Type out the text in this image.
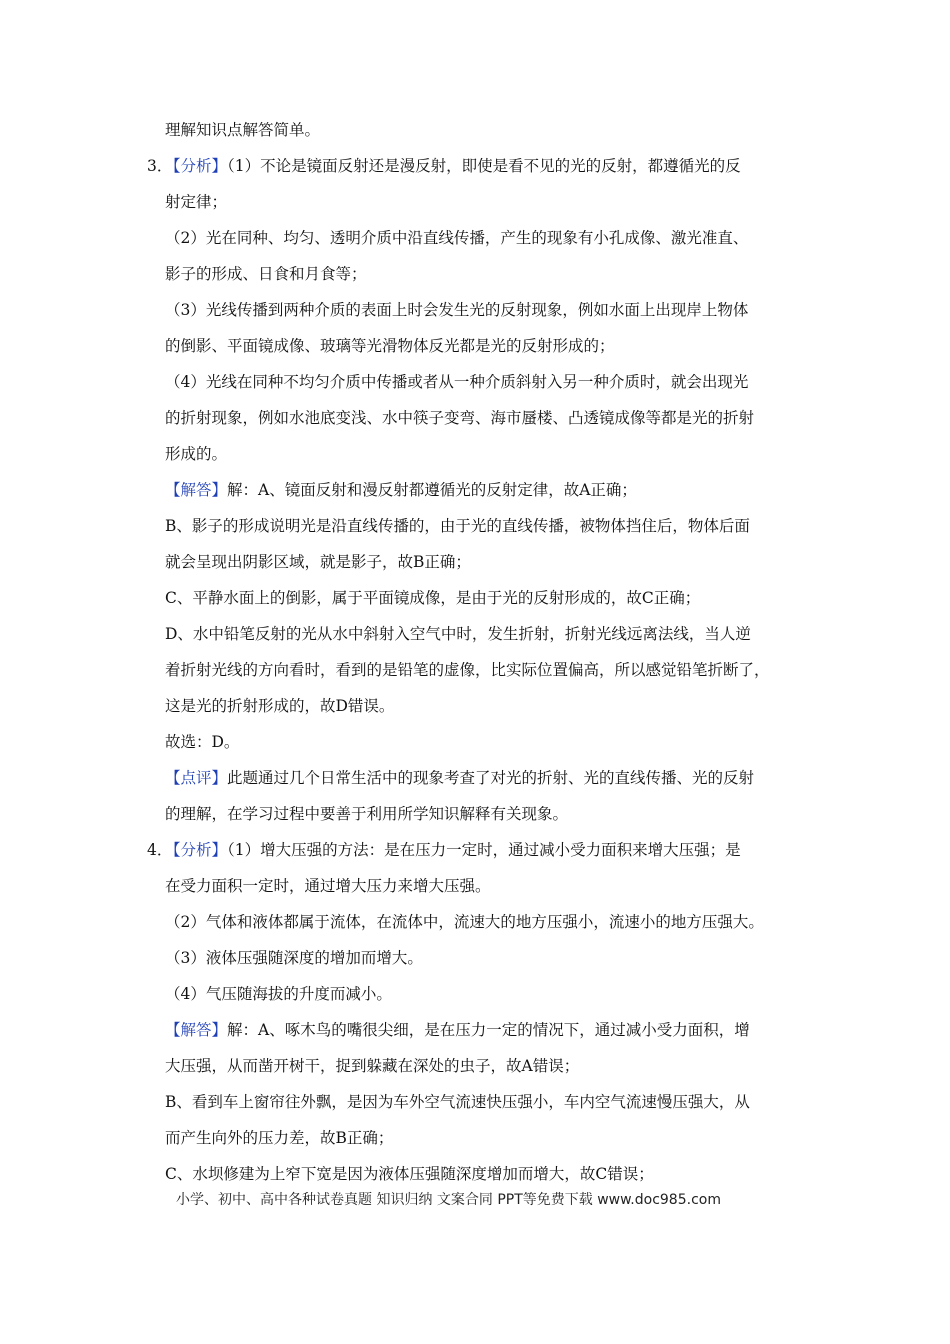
理解知识点解答简单。
3．
【分析】（1）不论是镜面反射还是漫反射，即使是看不见的光的反射，都遵循光的反
射定律；
（2）光在同种、均匀、透明介质中沿直线传播，产生的现象有小孔成像、激光准直、
影子的形成、日食和月食等；
（3）光线传播到两种介质的表面上时会发生光的反射现象，例如水面上出现岸上物体
的倒影、平面镜成像、玻璃等光滑物体反光都是光的反射形成的；
（4）光线在同种不均匀介质中传播或者从一种介质斜射入另一种介质时，就会出现光
的折射现象，例如水池底变浅、水中筷子变弯、海市蜃楼、凸透镜成像等都是光的折射
形成的。
【解答】解：A、镜面反射和漫反射都遵循光的反射定律，故A正确；
B、影子的形成说明光是沿直线传播的，由于光的直线传播，被物体挡住后，物体后面
就会呈现出阴影区域，就是影子，故B正确；
C、平静水面上的倒影，属于平面镜成像，是由于光的反射形成的，故C正确；
D、水中铅笔反射的光从水中斜射入空气中时，发生折射，折射光线远离法线，当人逆
着折射光线的方向看时，看到的是铅笔的虚像，比实际位置偏高，所以感觉铅笔折断了，
这是光的折射形成的，故D错误。
故选：D。
【点评】此题通过几个日常生活中的现象考查了对光的折射、光的直线传播、光的反射
的理解，在学习过程中要善于利用所学知识解释有关现象。
4．
【分析】（1）增大压强的方法：是在压力一定时，通过减小受力面积来增大压强；是
在受力面积一定时，通过增大压力来增大压强。
（2）气体和液体都属于流体，在流体中，流速大的地方压强小，流速小的地方压强大。
（3）液体压强随深度的增加而增大。
（4）气压随海拔的升度而减小。
【解答】解：A、啄木鸟的嘴很尖细，是在压力一定的情况下，通过减小受力面积，增
大压强，从而凿开树干，捉到躲藏在深处的虫子，故A错误；
B、看到车上窗帘往外飘，是因为车外空气流速快压强小，车内空气流速慢压强大，从
而产生向外的压力差，故B正确；
C、水坝修建为上窄下宽是因为液体压强随深度增加而增大，故C错误；
小学、初中、高中各种试卷真题 知识归纳 文案合同 PPT等免费下载 www.doc985.com
